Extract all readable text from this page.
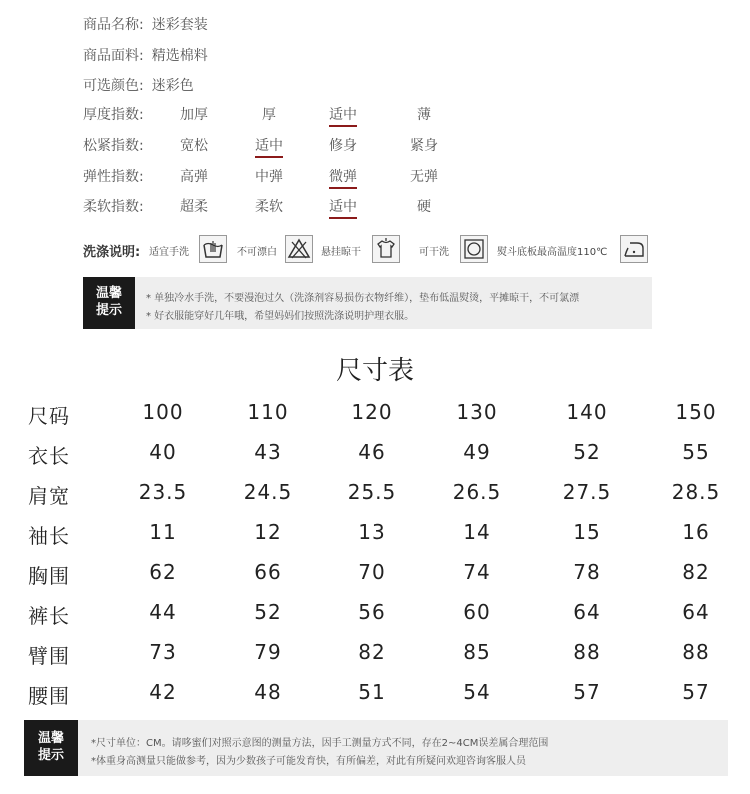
商品名称: 迷彩套装
商品面料: 精选棉料
可选颜色: 迷彩色
厚度指数:	加厚	厚	适中	薄
松紧指数:	宽松	适中	修身	紧身
弹性指数:	高弹	中弹	微弹	无弹
柔软指数:	超柔	柔软	适中	硬
洗涤说明: 适宜手洗	不可漂白	悬挂晾干	可干洗	熨斗底板最高温度110℃
温馨
提示
* 单独冷水手洗，不要漫泡过久（洗涤剂容易损伤衣物纤维），垫布低温熨烫，平摊晾干，不可氯漂
* 好衣服能穿好几年哦，希望妈妈们按照洗涤说明护理衣服。
尺寸表
尺码	100	110	120	130	140	150
衣长	40	43	46	49	52	55
肩宽	23.5	24.5	25.5	26.5	27.5	28.5
袖长	11	12	13	14	15	16
胸围	62	66	70	74	78	82
裤长	44	52	56	60	64	64
臂围	73	79	82	85	88	88
腰围	42	48	51	54	57	57
温馨
提示
*尺寸单位：CM。请哆蜜们对照示意图的测量方法，因手工测量方式不同，存在2~4CM误差属合理范围
*体重身高测量只能做参考，因为少数孩子可能发育快，有所偏差，对此有所疑问欢迎咨询客服人员
